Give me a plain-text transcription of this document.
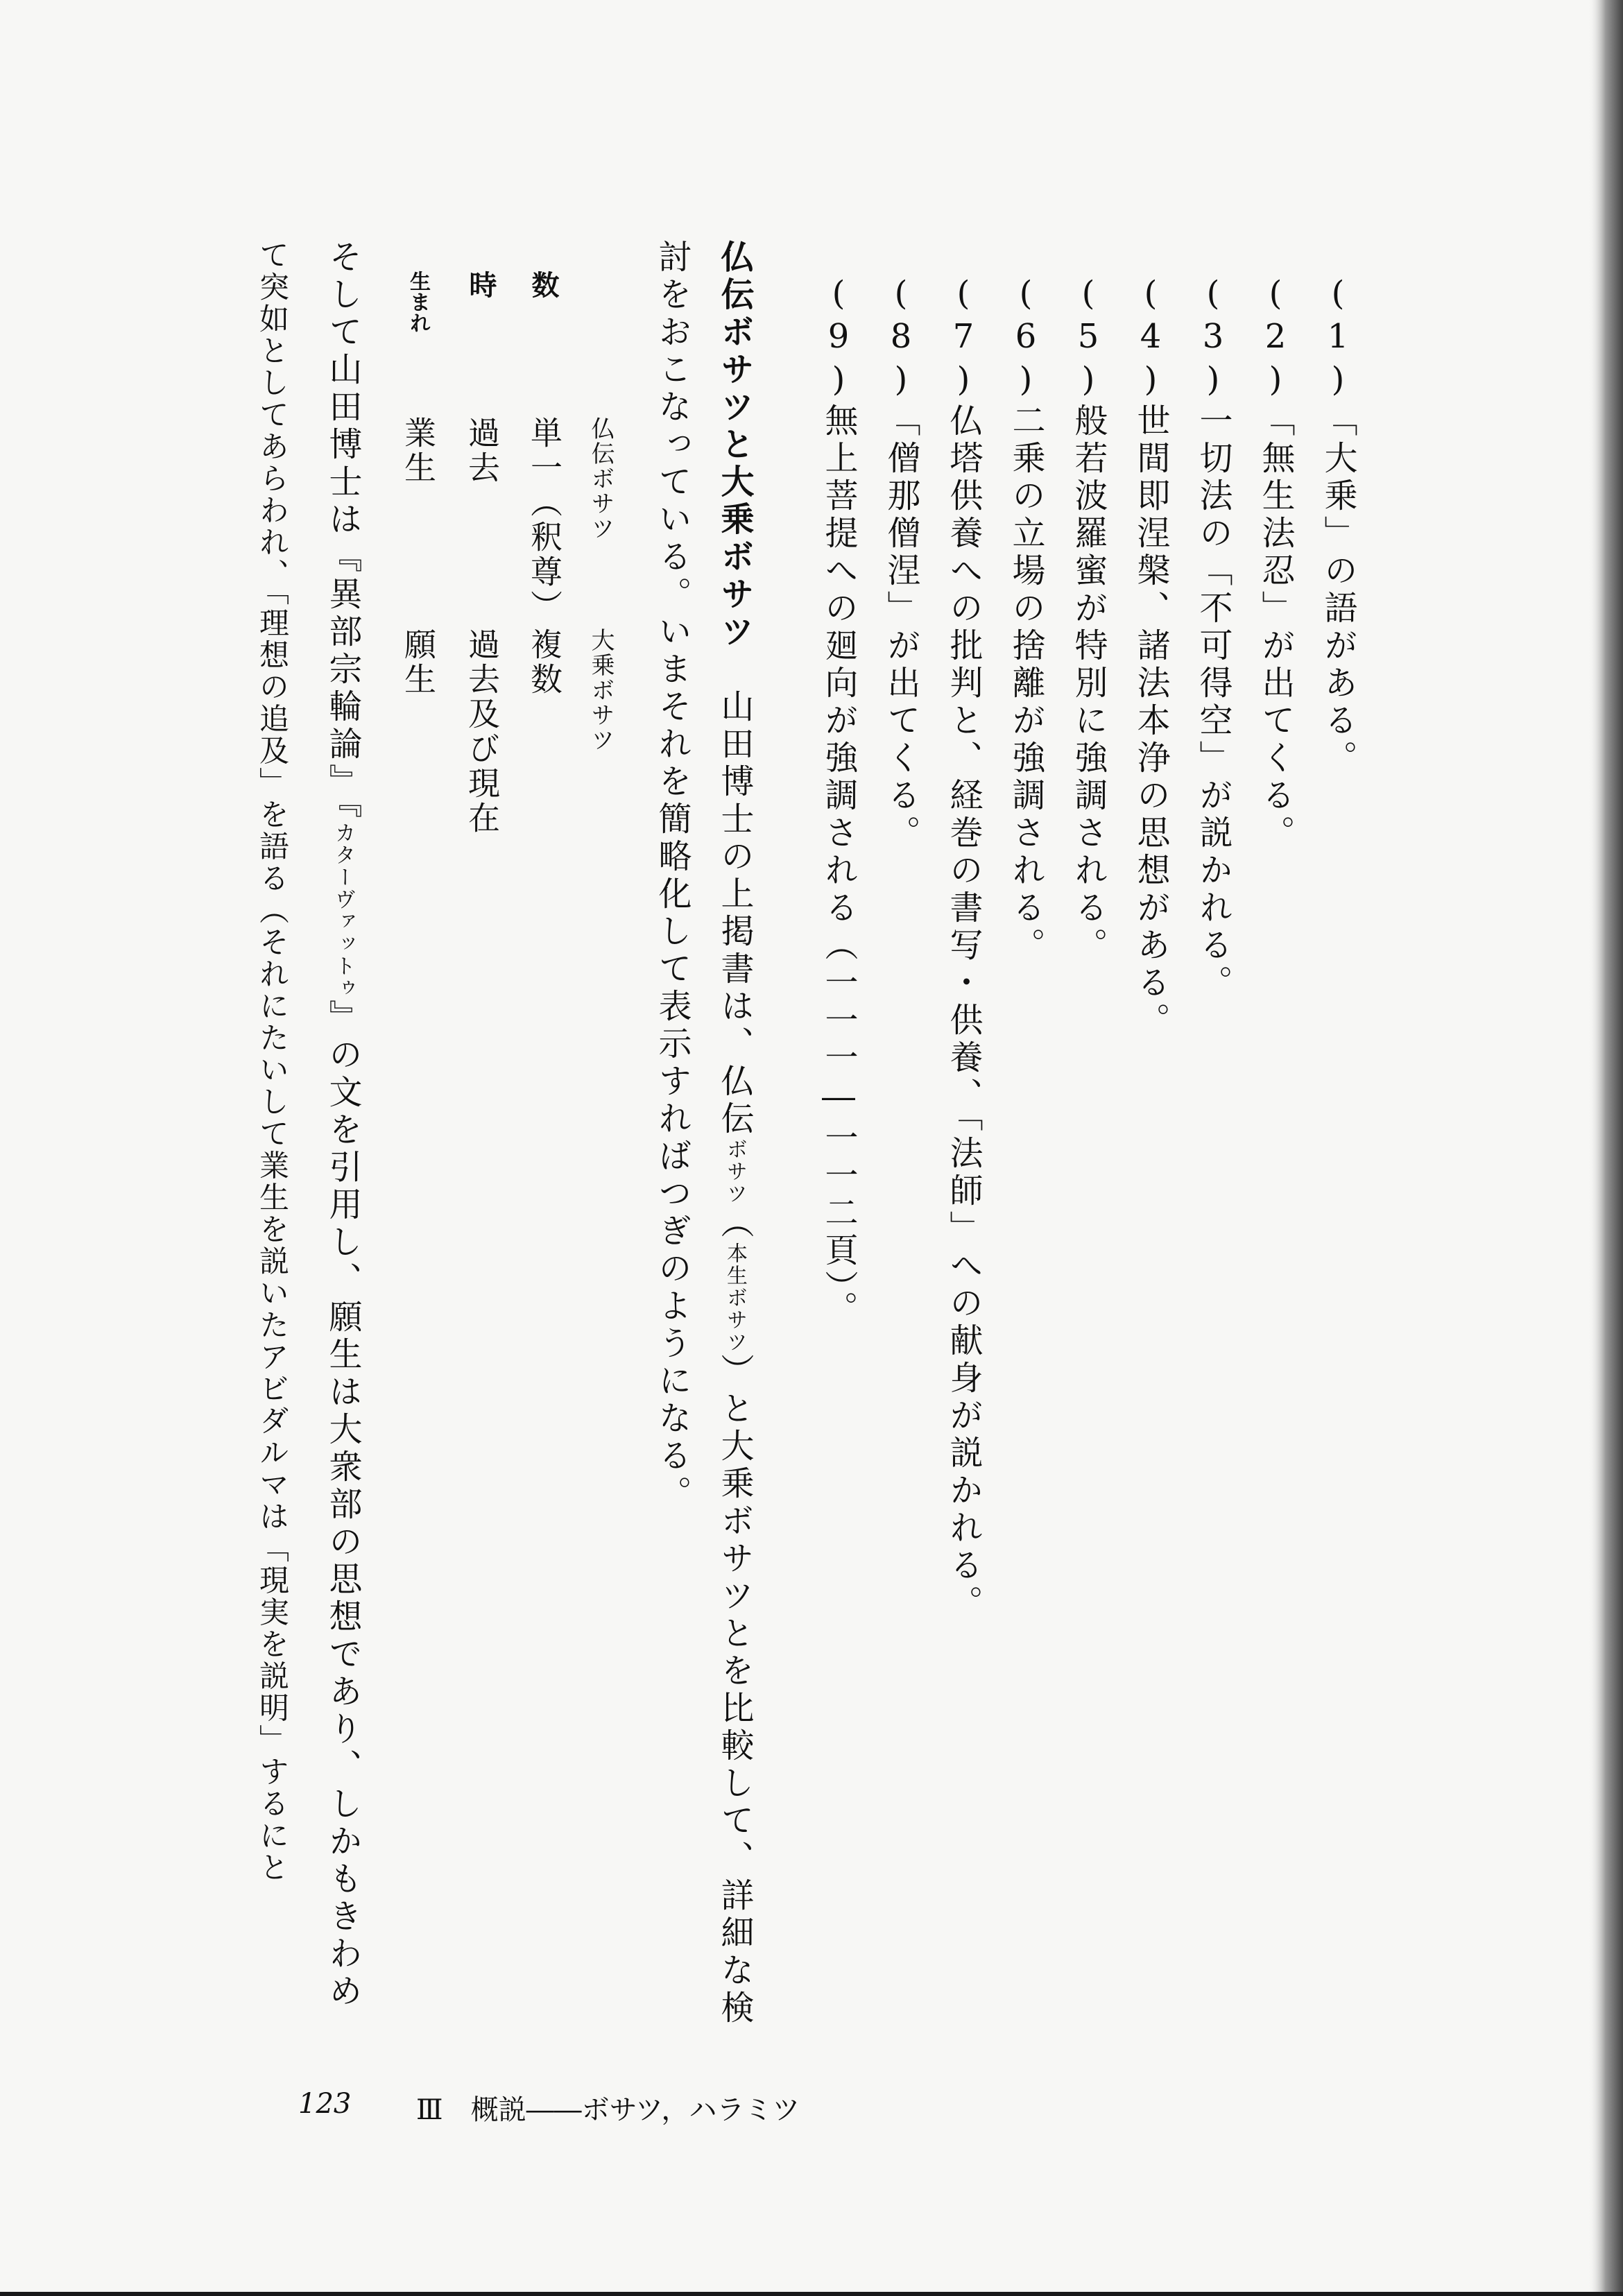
(1)「大乗」の語がある。
(2)「無生法忍」が出てくる。
(3)一切法の「不可得空」が説かれる。
(4)世間即涅槃、諸法本浄の思想がある。
(5)般若波羅蜜が特別に強調される。
(6)二乗の立場の捨離が強調される。
(7)仏塔供養への批判と、経巻の書写・供養、「法師」への献身が説かれる。
(8)「僧那僧涅」が出てくる。
(9)無上菩提への廻向が強調される（一一一―一一二頁）。
仏伝ボサツと大乗ボサツ　山田博士の上掲書は、仏伝ボサツ（本生ボサツ）と大乗ボサツとを比較して、詳細な検
討をおこなっている。いまそれを簡略化して表示すればつぎのようになる。
仏伝ボサツ
大乗ボサツ
数
単一（釈尊）
複数
時
過去
過去及び現在
生まれ
業生
願生
そして山田博士は『異部宗輪論』『カターヴァットゥ』の文を引用し、願生は大衆部の思想であり、しかもきわめ
て突如としてあらわれ、「理想の追及」を語る（それにたいして業生を説いたアビダルマは「現実を説明」するにと
123 Ⅲ　概説――ボサツ，ハラミツ
